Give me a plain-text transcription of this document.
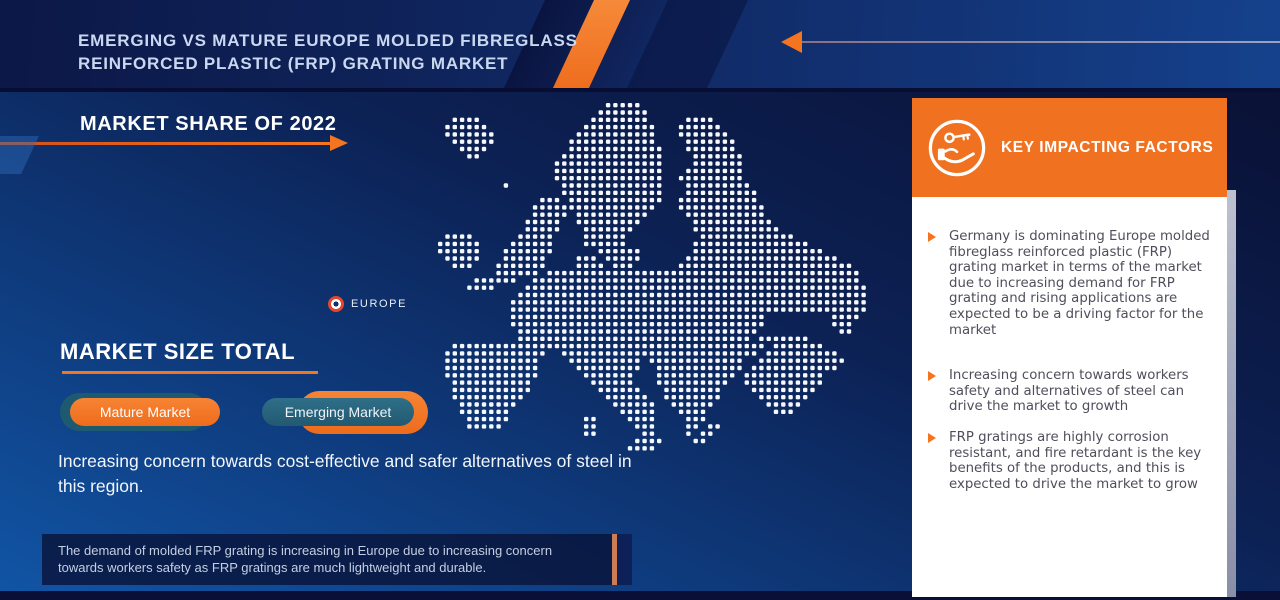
EMERGING VS MATURE EUROPE MOLDED FIBREGLASS
REINFORCED PLASTIC (FRP) GRATING MARKET
MARKET SHARE OF 2022
EUROPE
MARKET SIZE TOTAL
Mature Market	Emerging Market
Increasing concern towards cost-effective and safer alternatives of steel in this region.
The demand of molded FRP grating is increasing in Europe due to increasing concern towards workers safety as FRP gratings are much lightweight and durable.
KEY IMPACTING FACTORS
Germany is dominating Europe molded fibreglass reinforced plastic (FRP) grating market in terms of the market due to increasing demand for FRP grating and rising applications are expected to be a driving factor for the market
Increasing concern towards workers safety and alternatives of steel can drive the market to growth
FRP gratings are highly corrosion resistant, and fire retardant is the key benefits of the products, and this is expected to drive the market to grow
